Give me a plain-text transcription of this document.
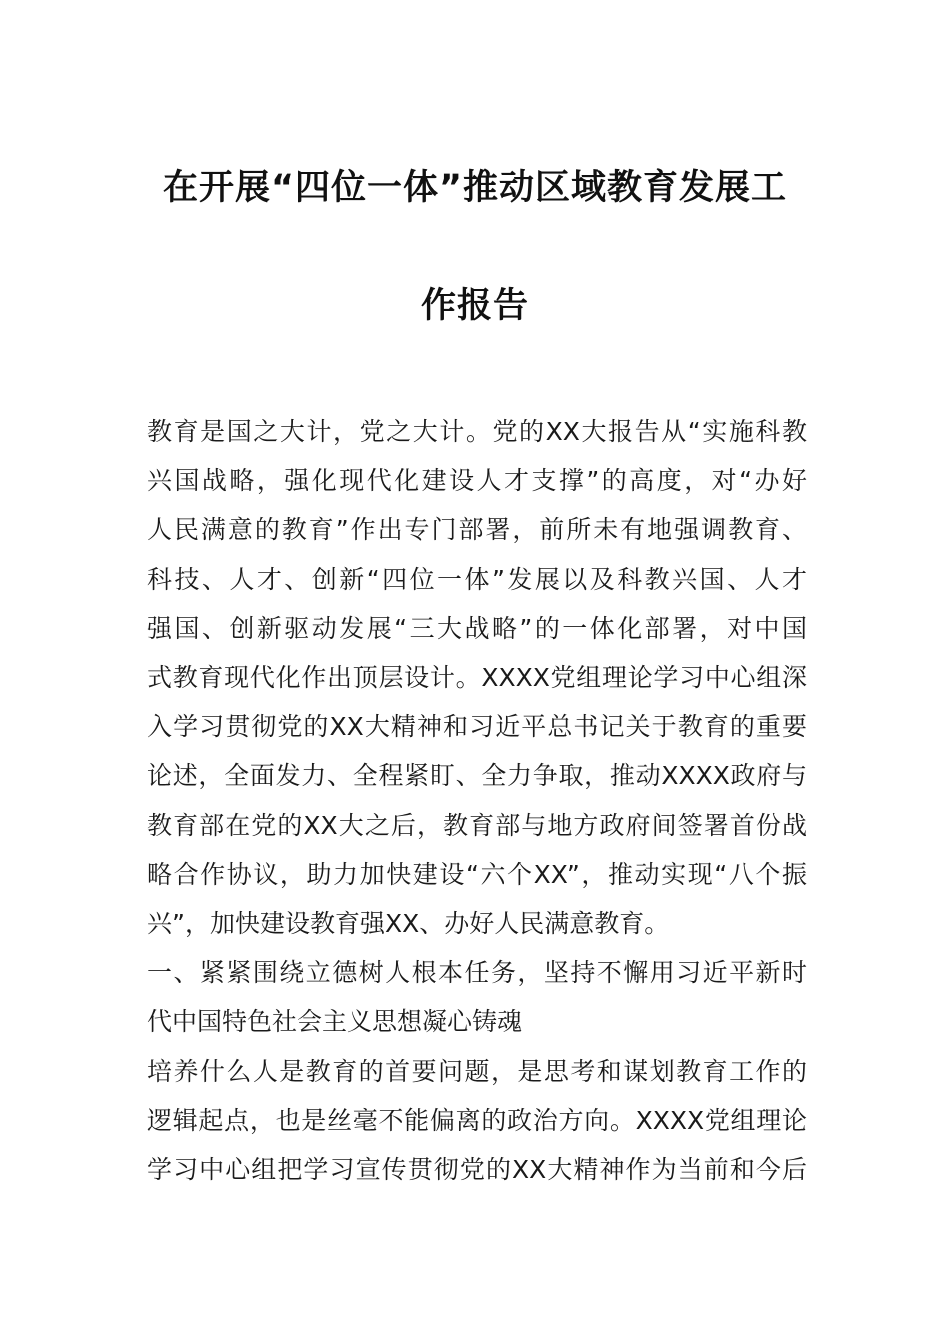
在开展“四位一体”推动区域教育发展工
作报告
教育是国之大计，党之大计。党的XX大报告从“实施科教
兴国战略，强化现代化建设人才支撑”的高度，对“办好
人民满意的教育”作出专门部署，前所未有地强调教育、
科技、人才、创新“四位一体”发展以及科教兴国、人才
强国、创新驱动发展“三大战略”的一体化部署，对中国
式教育现代化作出顶层设计。XXXX党组理论学习中心组深
入学习贯彻党的XX大精神和习近平总书记关于教育的重要
论述，全面发力、全程紧盯、全力争取，推动XXXX政府与
教育部在党的XX大之后，教育部与地方政府间签署首份战
略合作协议，助力加快建设“六个XX”，推动实现“八个振
兴”，加快建设教育强XX、办好人民满意教育。
一、紧紧围绕立德树人根本任务，坚持不懈用习近平新时
代中国特色社会主义思想凝心铸魂
培养什么人是教育的首要问题，是思考和谋划教育工作的
逻辑起点，也是丝毫不能偏离的政治方向。XXXX党组理论
学习中心组把学习宣传贯彻党的XX大精神作为当前和今后
